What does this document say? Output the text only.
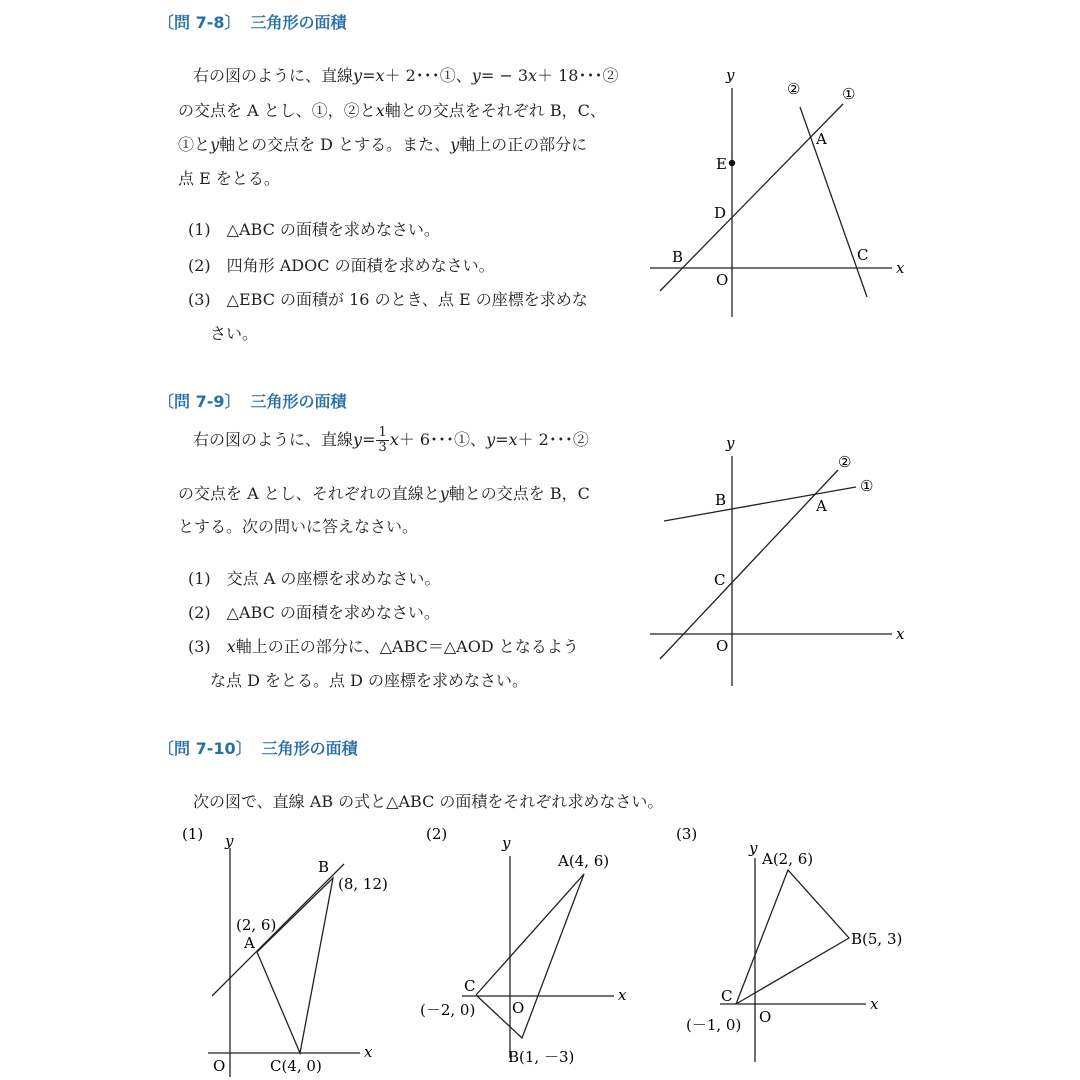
〔問 7-8〕 三角形の面積
右の図のように、直線y=x＋ 2･･･①、y= − 3x＋ 18･･･②
の交点を A とし、①，②とx軸との交点をそれぞれ B，C、
①とy軸との交点を D とする。また、y軸上の正の部分に
点 E をとる。
(1)　△ABC の面積を求めなさい。
(2)　四角形 ADOC の面積を求めなさい。
(3)　△EBC の面積が 16 のとき、点 E の座標を求めな
さい。
x
y
O
A
B	C
D
E
①
②
〔問 7-9〕 三角形の面積
右の図のように、直線$y= \frac{1}{3} x+ 6$･･･①、y=x＋ 2･･･②
の交点を A とし、それぞれの直線とy軸との交点を B，C
とする。次の問いに答えなさい。
(1)　交点 A の座標を求めなさい。
(2)　△ABC の面積を求めなさい。
(3)　x軸上の正の部分に、△ABC＝△AOD となるよう
な点 D をとる。点 D の座標を求めなさい。
x
y
O
A
B
C
①
②
〔問 7-10〕 三角形の面積
次の図で、直線 AB の式と△ABC の面積をそれぞれ求めなさい。
(1)
x
y
O
B
(8, 12)
(2, 6)
A
C(4, 0)
(2)
x
y
O
A(4, 6)
C
(－2, 0)
B(1, －3)
(3)
x
y
O
A(2, 6)
B(5, 3)
C
(－1, 0)
